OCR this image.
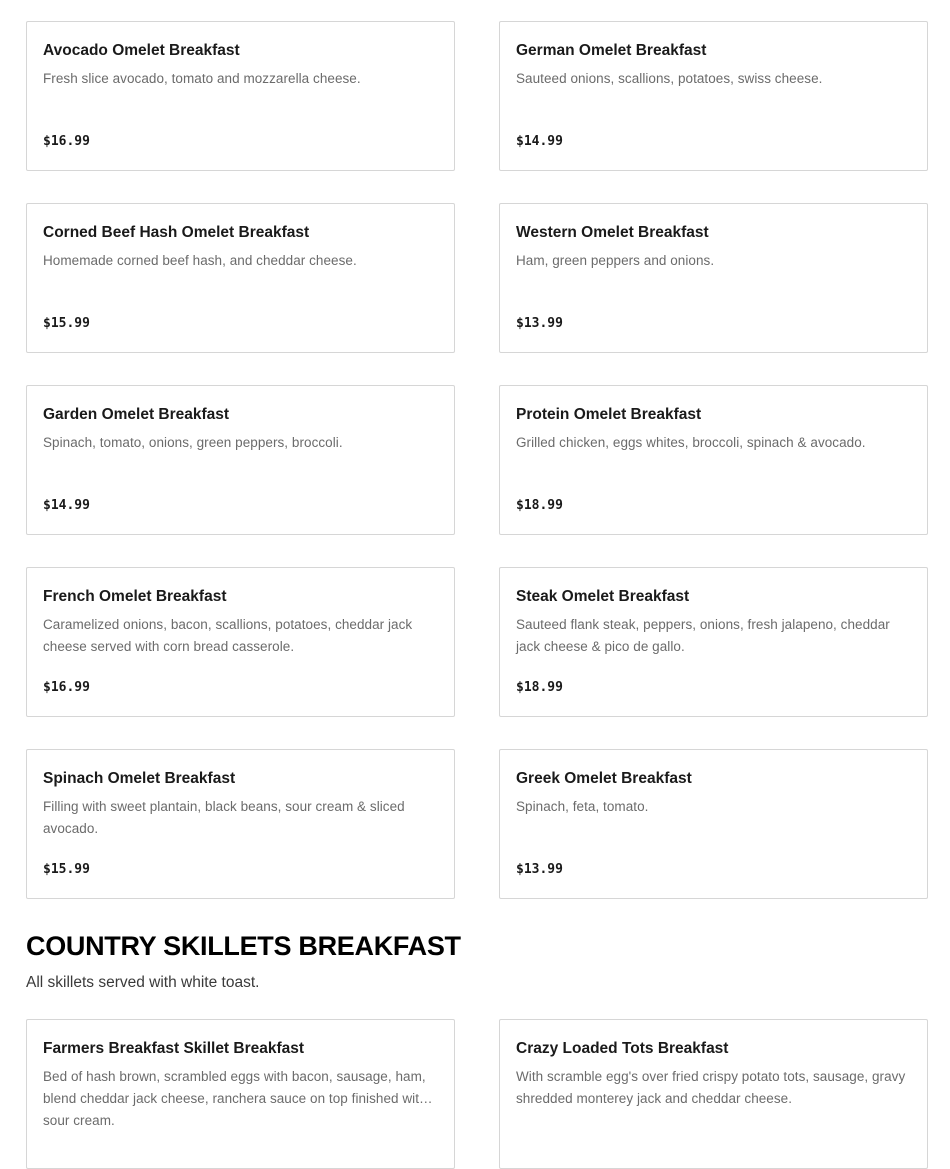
Avocado Omelet Breakfast
Fresh slice avocado, tomato and mozzarella cheese.
$16.99
German Omelet Breakfast
Sauteed onions, scallions, potatoes, swiss cheese.
$14.99
Corned Beef Hash Omelet Breakfast
Homemade corned beef hash, and cheddar cheese.
$15.99
Western Omelet Breakfast
Ham, green peppers and onions.
$13.99
Garden Omelet Breakfast
Spinach, tomato, onions, green peppers, broccoli.
$14.99
Protein Omelet Breakfast
Grilled chicken, eggs whites, broccoli, spinach & avocado.
$18.99
French Omelet Breakfast
Caramelized onions, bacon, scallions, potatoes, cheddar jack cheese served with corn bread casserole.
$16.99
Steak Omelet Breakfast
Sauteed flank steak, peppers, onions, fresh jalapeno, cheddar jack cheese & pico de gallo.
$18.99
Spinach Omelet Breakfast
Filling with sweet plantain, black beans, sour cream & sliced avocado.
$15.99
Greek Omelet Breakfast
Spinach, feta, tomato.
$13.99
COUNTRY SKILLETS BREAKFAST

All skillets served with white toast.

Farmers Breakfast Skillet Breakfast
Bed of hash brown, scrambled eggs with bacon, sausage, ham, blend cheddar jack cheese, ranchera sauce on top finished with sour cream.
Crazy Loaded Tots Breakfast
With scramble egg's over fried crispy potato tots, sausage, gravy shredded monterey jack and cheddar cheese.
